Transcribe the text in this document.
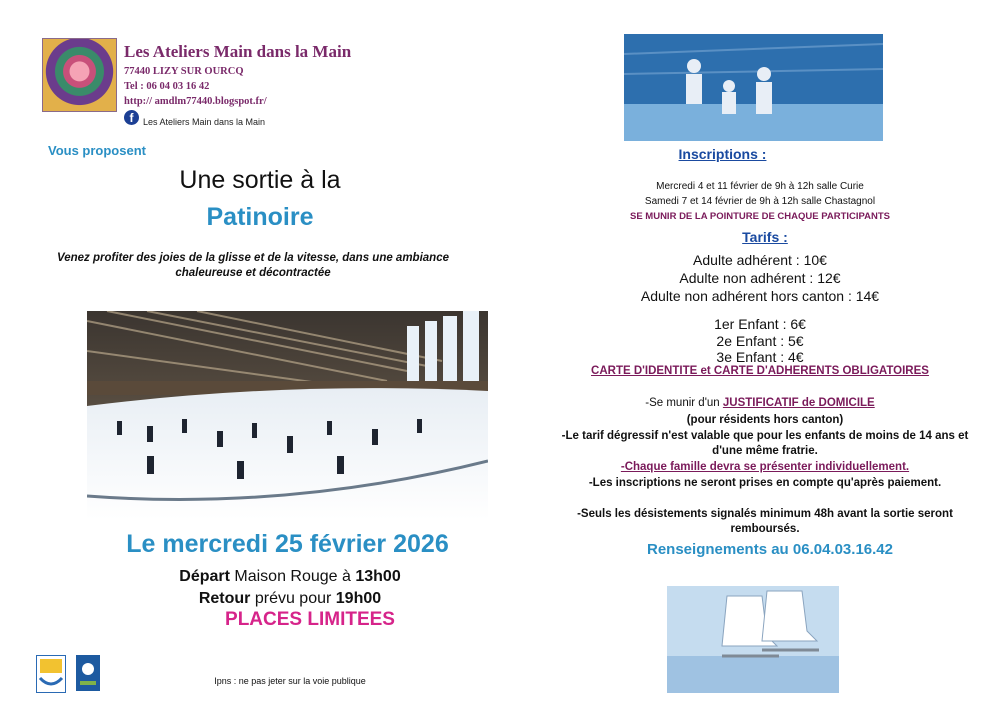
Les Ateliers Main dans la Main
77440 LIZY SUR OURCQ
Tel : 06 04 03 16 42
http:// amdlm77440.blogspot.fr/
f	Les Ateliers Main dans la Main
Vous proposent
Une sortie à la
Patinoire
Venez profiter des joies de la glisse et de la vitesse, dans une ambiance chaleureuse et décontractée
Le mercredi 25 février 2026
Départ Maison Rouge à 13h00
Retour prévu pour 19h00
PLACES LIMITEES
Ipns : ne pas jeter sur la voie publique
Inscriptions :
Mercredi 4 et 11 février de 9h à 12h salle Curie
Samedi 7 et 14 février de 9h à 12h salle Chastagnol
SE MUNIR DE LA POINTURE DE CHAQUE PARTICIPANTS
Tarifs :
Adulte adhérent : 10€
Adulte non adhérent : 12€
Adulte non adhérent hors canton : 14€
1er Enfant : 6€
2e Enfant : 5€
3e Enfant : 4€
CARTE D'IDENTITE et CARTE D'ADHERENTS OBLIGATOIRES
-Se munir d'un JUSTIFICATIF de DOMICILE
(pour résidents hors canton)
-Le tarif dégressif n'est valable que pour les enfants de moins de 14 ans et d'une même fratrie.
-Chaque famille devra se présenter individuellement.
-Les inscriptions ne seront prises en compte qu'après paiement.
-Seuls les désistements signalés minimum 48h avant la sortie seront remboursés.
Renseignements au 06.04.03.16.42
